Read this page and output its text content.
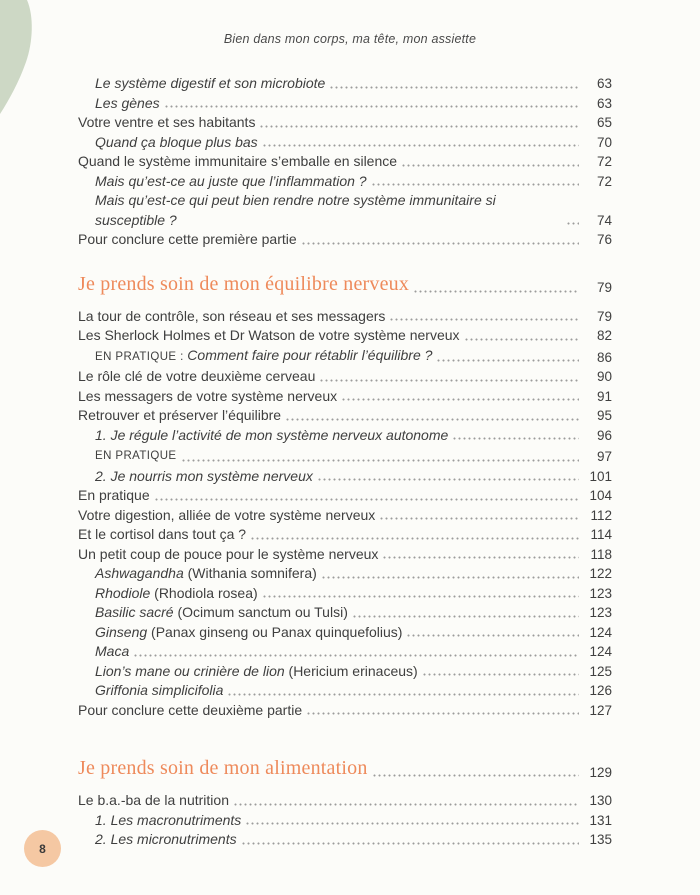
Bien dans mon corps, ma tête, mon assiette
Le système digestif et son microbiote	63
Les gènes	63
Votre ventre et ses habitants	65
Quand ça bloque plus bas	70
Quand le système immunitaire s’emballe en silence	72
Mais qu’est-ce au juste que l’inflammation ?	72
Mais qu’est-ce qui peut bien rendre notre système immunitaire si susceptible ?	74
Pour conclure cette première partie	76
Je prends soin de mon équilibre nerveux	79
La tour de contrôle, son réseau et ses messagers	79
Les Sherlock Holmes et Dr Watson de votre système nerveux	82
EN PRATIQUE : Comment faire pour rétablir l’équilibre ?	86
Le rôle clé de votre deuxième cerveau	90
Les messagers de votre système nerveux	91
Retrouver et préserver l’équilibre	95
1. Je régule l’activité de mon système nerveux autonome	96
EN PRATIQUE	97
2. Je nourris mon système nerveux	101
En pratique	104
Votre digestion, alliée de votre système nerveux	112
Et le cortisol dans tout ça ?	114
Un petit coup de pouce pour le système nerveux	118
Ashwagandha (Withania somnifera)	122
Rhodiole (Rhodiola rosea)	123
Basilic sacré (Ocimum sanctum ou Tulsi)	123
Ginseng (Panax ginseng ou Panax quinquefolius)	124
Maca	124
Lion’s mane ou crinière de lion (Hericium erinaceus)	125
Griffonia simplicifolia	126
Pour conclure cette deuxième partie	127
Je prends soin de mon alimentation	129
Le b.a.-ba de la nutrition	130
1. Les macronutriments	131
2. Les micronutriments	135
8
